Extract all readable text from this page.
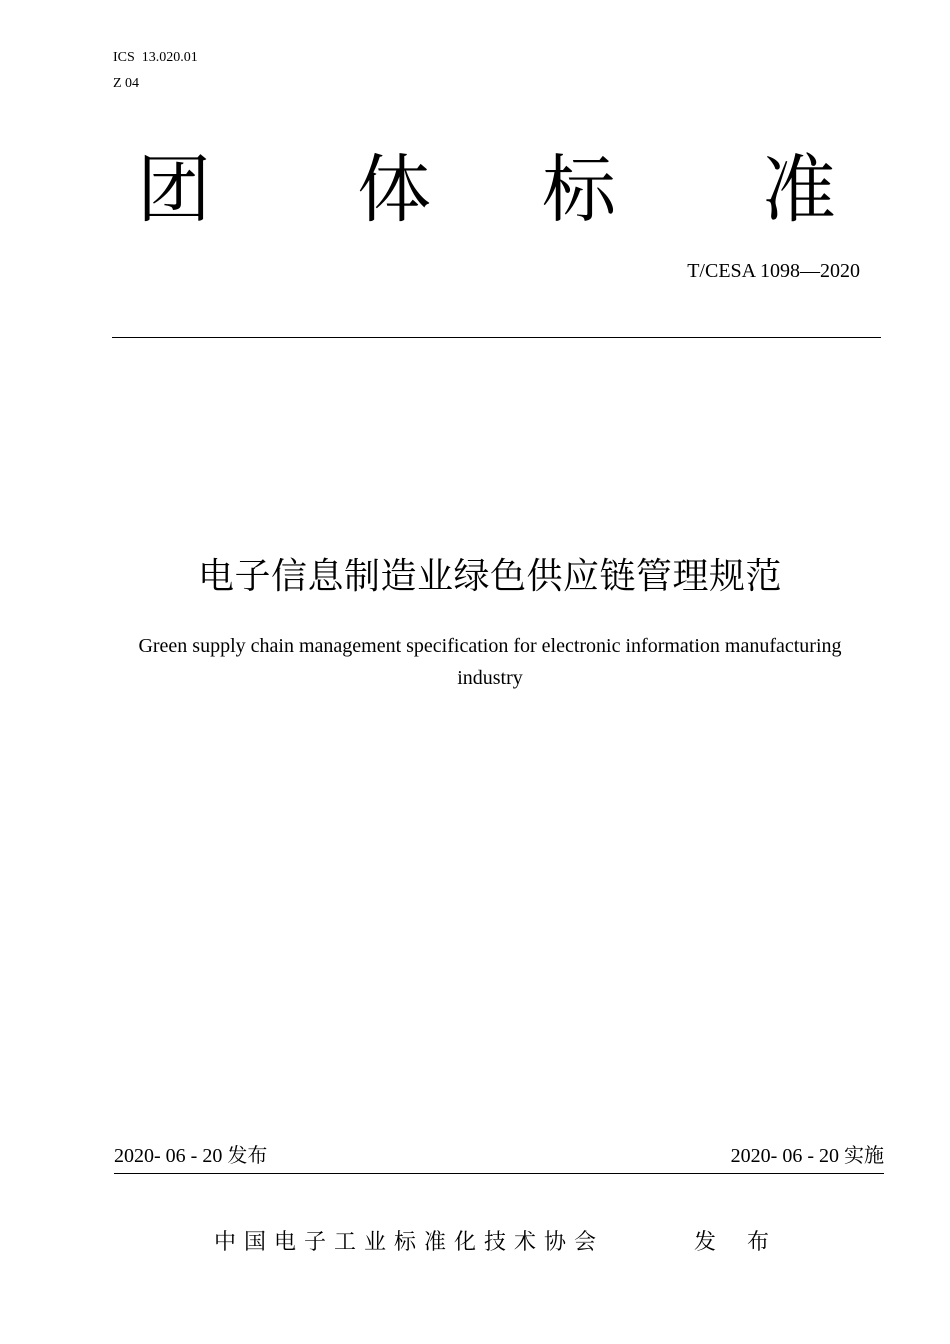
ICS  13.020.01
Z 04
团 体 标 准
T/CESA 1098—2020
电子信息制造业绿色供应链管理规范
Green supply chain management specification for electronic information manufacturing industry
2020- 06 - 20 发布	2020- 06 - 20 实施
中国电子工业标准化技术协会	发 布
